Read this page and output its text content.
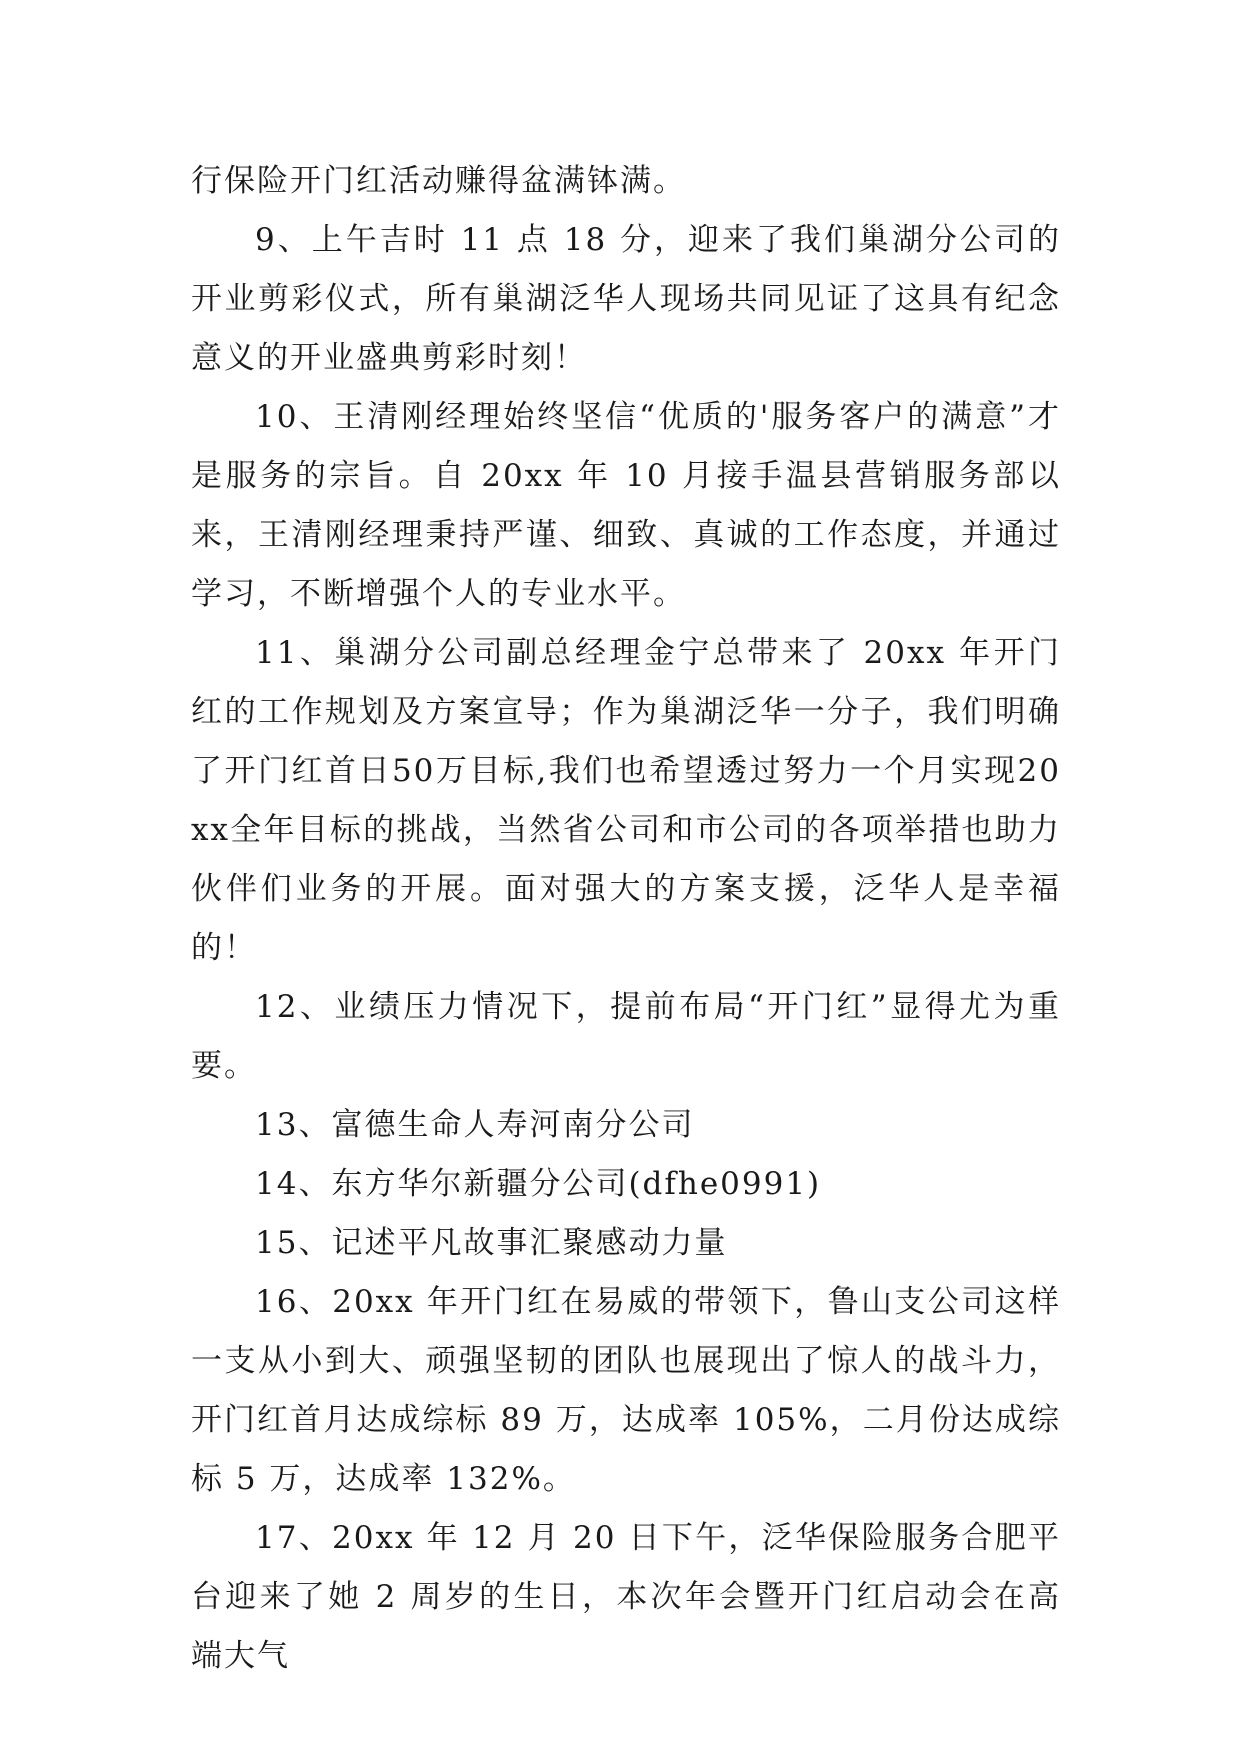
行保险开门红活动赚得盆满钵满。

9、上午吉时 11 点 18 分，迎来了我们巢湖分公司的开业剪彩仪式，所有巢湖泛华人现场共同见证了这具有纪念意义的开业盛典剪彩时刻！

10、王清刚经理始终坚信“优质的'服务客户的满意”才是服务的宗旨。自 20xx 年 10 月接手温县营销服务部以来，王清刚经理秉持严谨、细致、真诚的工作态度，并通过学习，不断增强个人的专业水平。

11、巢湖分公司副总经理金宁总带来了 20xx 年开门红的工作规划及方案宣导；作为巢湖泛华一分子，我们明确了开门红首日50万目标,我们也希望透过努力一个月实现20xx全年目标的挑战，当然省公司和市公司的各项举措也助力伙伴们业务的开展。面对强大的方案支援，泛华人是幸福的！

12、业绩压力情况下，提前布局“开门红”显得尤为重要。

13、富德生命人寿河南分公司

14、东方华尔新疆分公司(dfhe0991)

15、记述平凡故事汇聚感动力量

16、20xx 年开门红在易威的带领下，鲁山支公司这样一支从小到大、顽强坚韧的团队也展现出了惊人的战斗力，开门红首月达成综标 89 万，达成率 105%，二月份达成综标 5 万，达成率 132%。

17、20xx 年 12 月 20 日下午，泛华保险服务合肥平台迎来了她 2 周岁的生日，本次年会暨开门红启动会在高端大气
